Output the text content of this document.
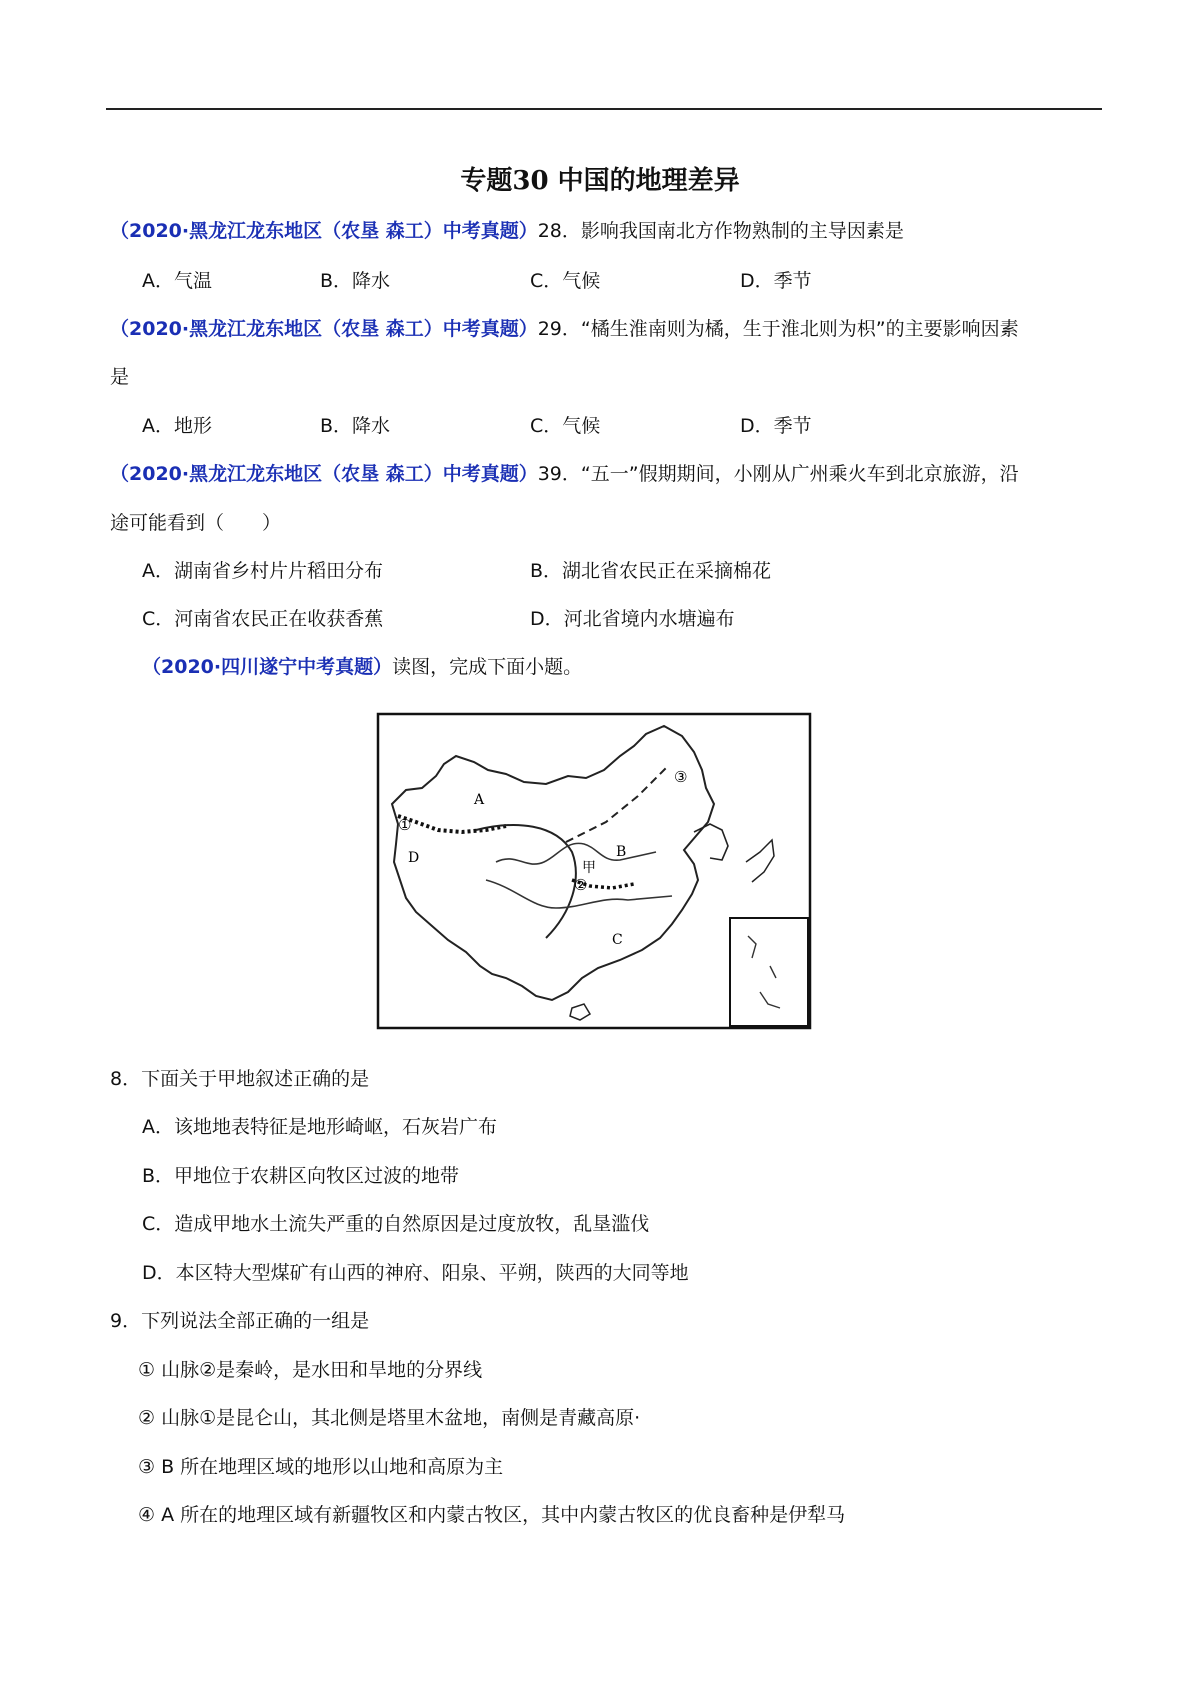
专题30 中国的地理差异
（2020·黑龙江龙东地区（农垦 森工）中考真题）28．影响我国南北方作物熟制的主导因素是
A．气温	B．降水	C．气候	D．季节
（2020·黑龙江龙东地区（农垦 森工）中考真题）29．“橘生淮南则为橘，生于淮北则为枳”的主要影响因素
是
A．地形	B．降水	C．气候	D．季节
（2020·黑龙江龙东地区（农垦 森工）中考真题）39．“五一”假期期间，小刚从广州乘火车到北京旅游，沿
途可能看到（　　）
A．湖南省乡村片片稻田分布	B．湖北省农民正在采摘棉花
C．河南省农民正在收获香蕉	D．河北省境内水塘遍布
（2020·四川遂宁中考真题）读图，完成下面小题。
A
B
C
D
甲
①
②
③
8．下面关于甲地叙述正确的是
A．该地地表特征是地形崎岖，石灰岩广布
B．甲地位于农耕区向牧区过波的地带
C．造成甲地水土流失严重的自然原因是过度放牧，乱垦滥伐
D．本区特大型煤矿有山西的神府、阳泉、平朔，陕西的大同等地
9．下列说法全部正确的一组是
① 山脉②是秦岭，是水田和旱地的分界线
② 山脉①是昆仑山，其北侧是塔里木盆地，南侧是青藏高原·
③ B 所在地理区域的地形以山地和高原为主
④ A 所在的地理区域有新疆牧区和内蒙古牧区，其中内蒙古牧区的优良畜种是伊犁马
